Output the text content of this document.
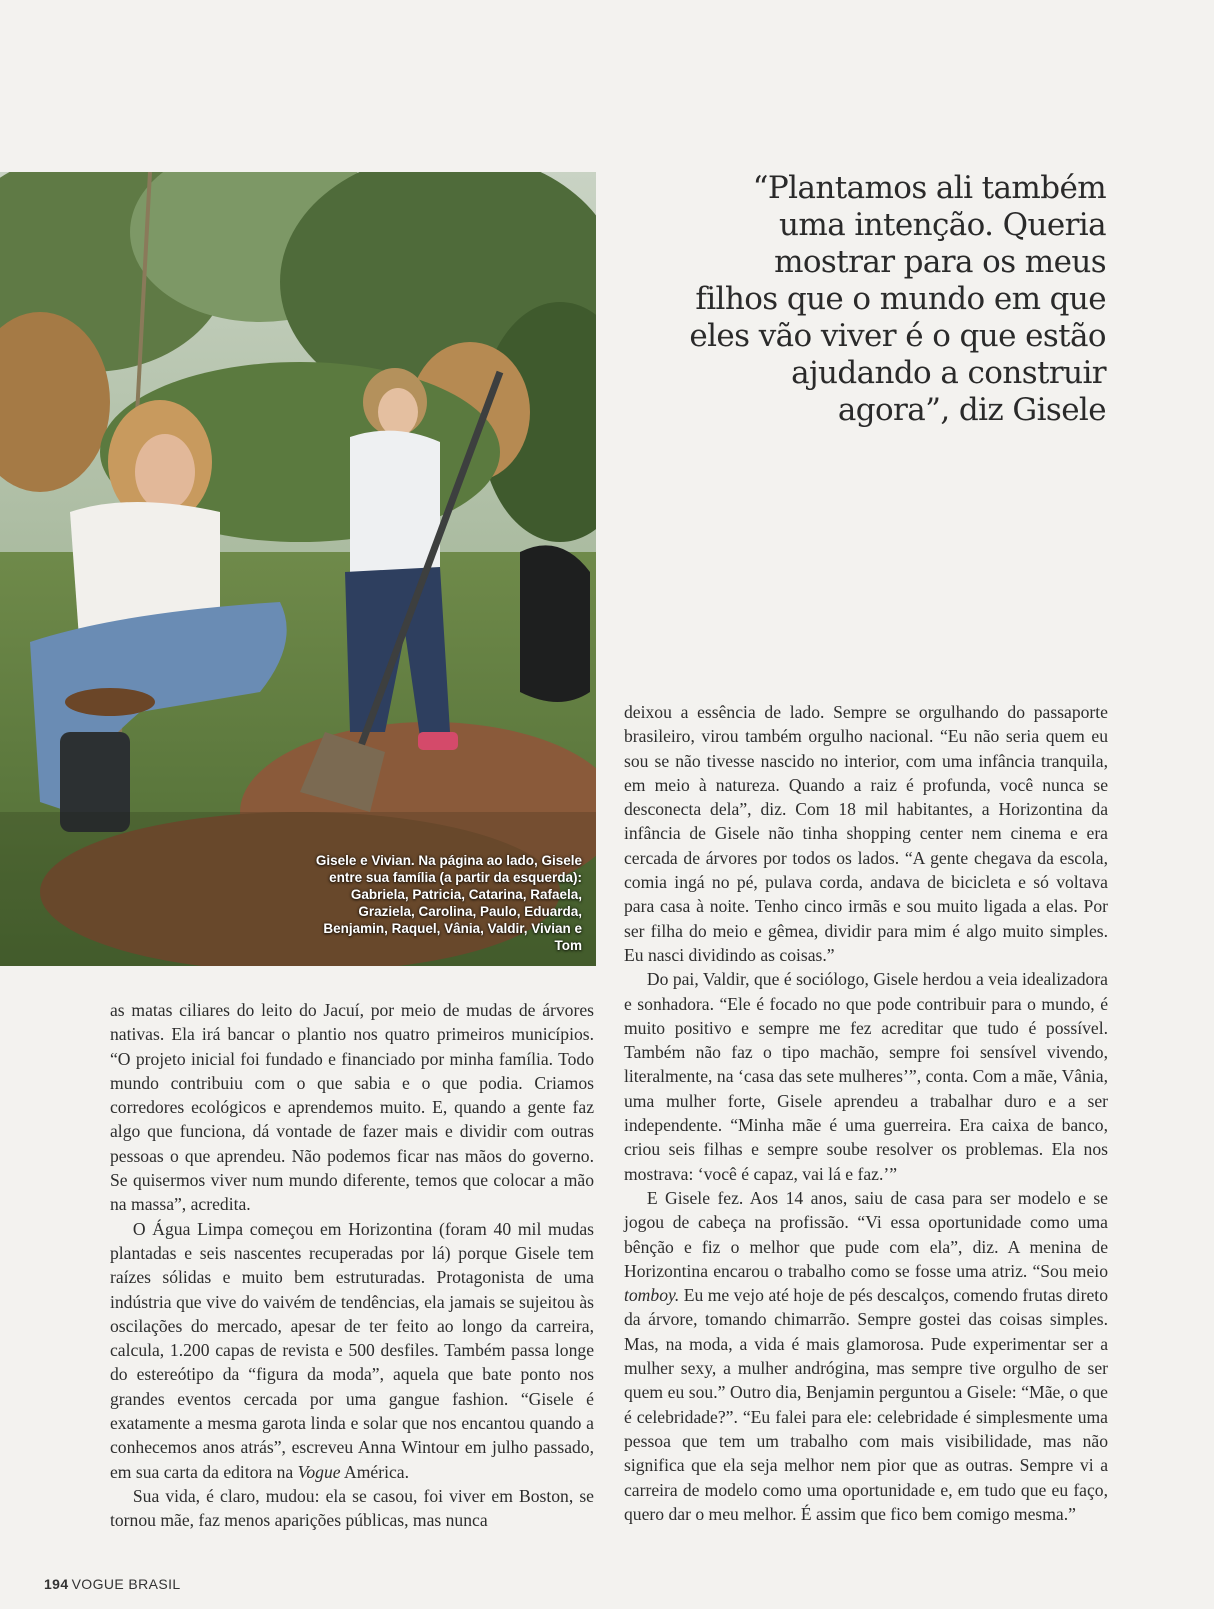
Gisele e Vivian. Na página ao lado, Gisele entre sua família (a partir da esquerda): Gabriela, Patricia, Catarina, Rafaela, Graziela, Carolina, Paulo, Eduarda, Benjamin, Raquel, Vânia, Valdir, Vivian e Tom
“Plantamos ali também uma intenção. Queria mostrar para os meus filhos que o mundo em que eles vão viver é o que estão ajudando a construir agora”, diz Gisele

as matas ciliares do leito do Jacuí, por meio de mudas de árvores nativas. Ela irá bancar o plantio nos quatro primeiros municípios. “O projeto inicial foi fundado e financiado por minha família. Todo mundo contribuiu com o que sabia e o que podia. Criamos corredores ecológicos e aprendemos muito. E, quando a gente faz algo que funciona, dá vontade de fazer mais e dividir com outras pessoas o que aprendeu. Não podemos ficar nas mãos do governo. Se quisermos viver num mundo diferente, temos que colocar a mão na massa”, acredita.

O Água Limpa começou em Horizontina (foram 40 mil mudas plantadas e seis nascentes recuperadas por lá) porque Gisele tem raízes sólidas e muito bem estruturadas. Protagonista de uma indústria que vive do vaivém de tendências, ela jamais se sujeitou às oscilações do mercado, apesar de ter feito ao longo da carreira, calcula, 1.200 capas de revista e 500 desfiles. Também passa longe do estereótipo da “figura da moda”, aquela que bate ponto nos grandes eventos cercada por uma gangue fashion. “Gisele é exatamente a mesma garota linda e solar que nos encantou quando a conhecemos anos atrás”, escreveu Anna Wintour em julho passado, em sua carta da editora na Vogue América.

Sua vida, é claro, mudou: ela se casou, foi viver em Boston, se tornou mãe, faz menos aparições públicas, mas nunca

deixou a essência de lado. Sempre se orgulhando do passaporte brasileiro, virou também orgulho nacional. “Eu não seria quem eu sou se não tivesse nascido no interior, com uma infância tranquila, em meio à natureza. Quando a raiz é profunda, você nunca se desconecta dela”, diz. Com 18 mil habitantes, a Horizontina da infância de Gisele não tinha shopping center nem cinema e era cercada de árvores por todos os lados. “A gente chegava da escola, comia ingá no pé, pulava corda, andava de bicicleta e só voltava para casa à noite. Tenho cinco irmãs e sou muito ligada a elas. Por ser filha do meio e gêmea, dividir para mim é algo muito simples. Eu nasci dividindo as coisas.”

Do pai, Valdir, que é sociólogo, Gisele herdou a veia idealizadora e sonhadora. “Ele é focado no que pode contribuir para o mundo, é muito positivo e sempre me fez acreditar que tudo é possível. Também não faz o tipo machão, sempre foi sensível vivendo, literalmente, na ‘casa das sete mulheres’”, conta. Com a mãe, Vânia, uma mulher forte, Gisele aprendeu a trabalhar duro e a ser independente. “Minha mãe é uma guerreira. Era caixa de banco, criou seis filhas e sempre soube resolver os problemas. Ela nos mostrava: ‘você é capaz, vai lá e faz.’”

E Gisele fez. Aos 14 anos, saiu de casa para ser modelo e se jogou de cabeça na profissão. “Vi essa oportunidade como uma bênção e fiz o melhor que pude com ela”, diz. A menina de Horizontina encarou o trabalho como se fosse uma atriz. “Sou meio tomboy. Eu me vejo até hoje de pés descalços, comendo frutas direto da árvore, tomando chimarrão. Sempre gostei das coisas simples. Mas, na moda, a vida é mais glamorosa. Pude experimentar ser a mulher sexy, a mulher andrógina, mas sempre tive orgulho de ser quem eu sou.” Outro dia, Benjamin perguntou a Gisele: “Mãe, o que é celebridade?”. “Eu falei para ele: celebridade é simplesmente uma pessoa que tem um trabalho com mais visibilidade, mas não significa que ela seja melhor nem pior que as outras. Sempre vi a carreira de modelo como uma oportunidade e, em tudo que eu faço, quero dar o meu melhor. É assim que fico bem comigo mesma.”

194 VOGUE BRASIL
